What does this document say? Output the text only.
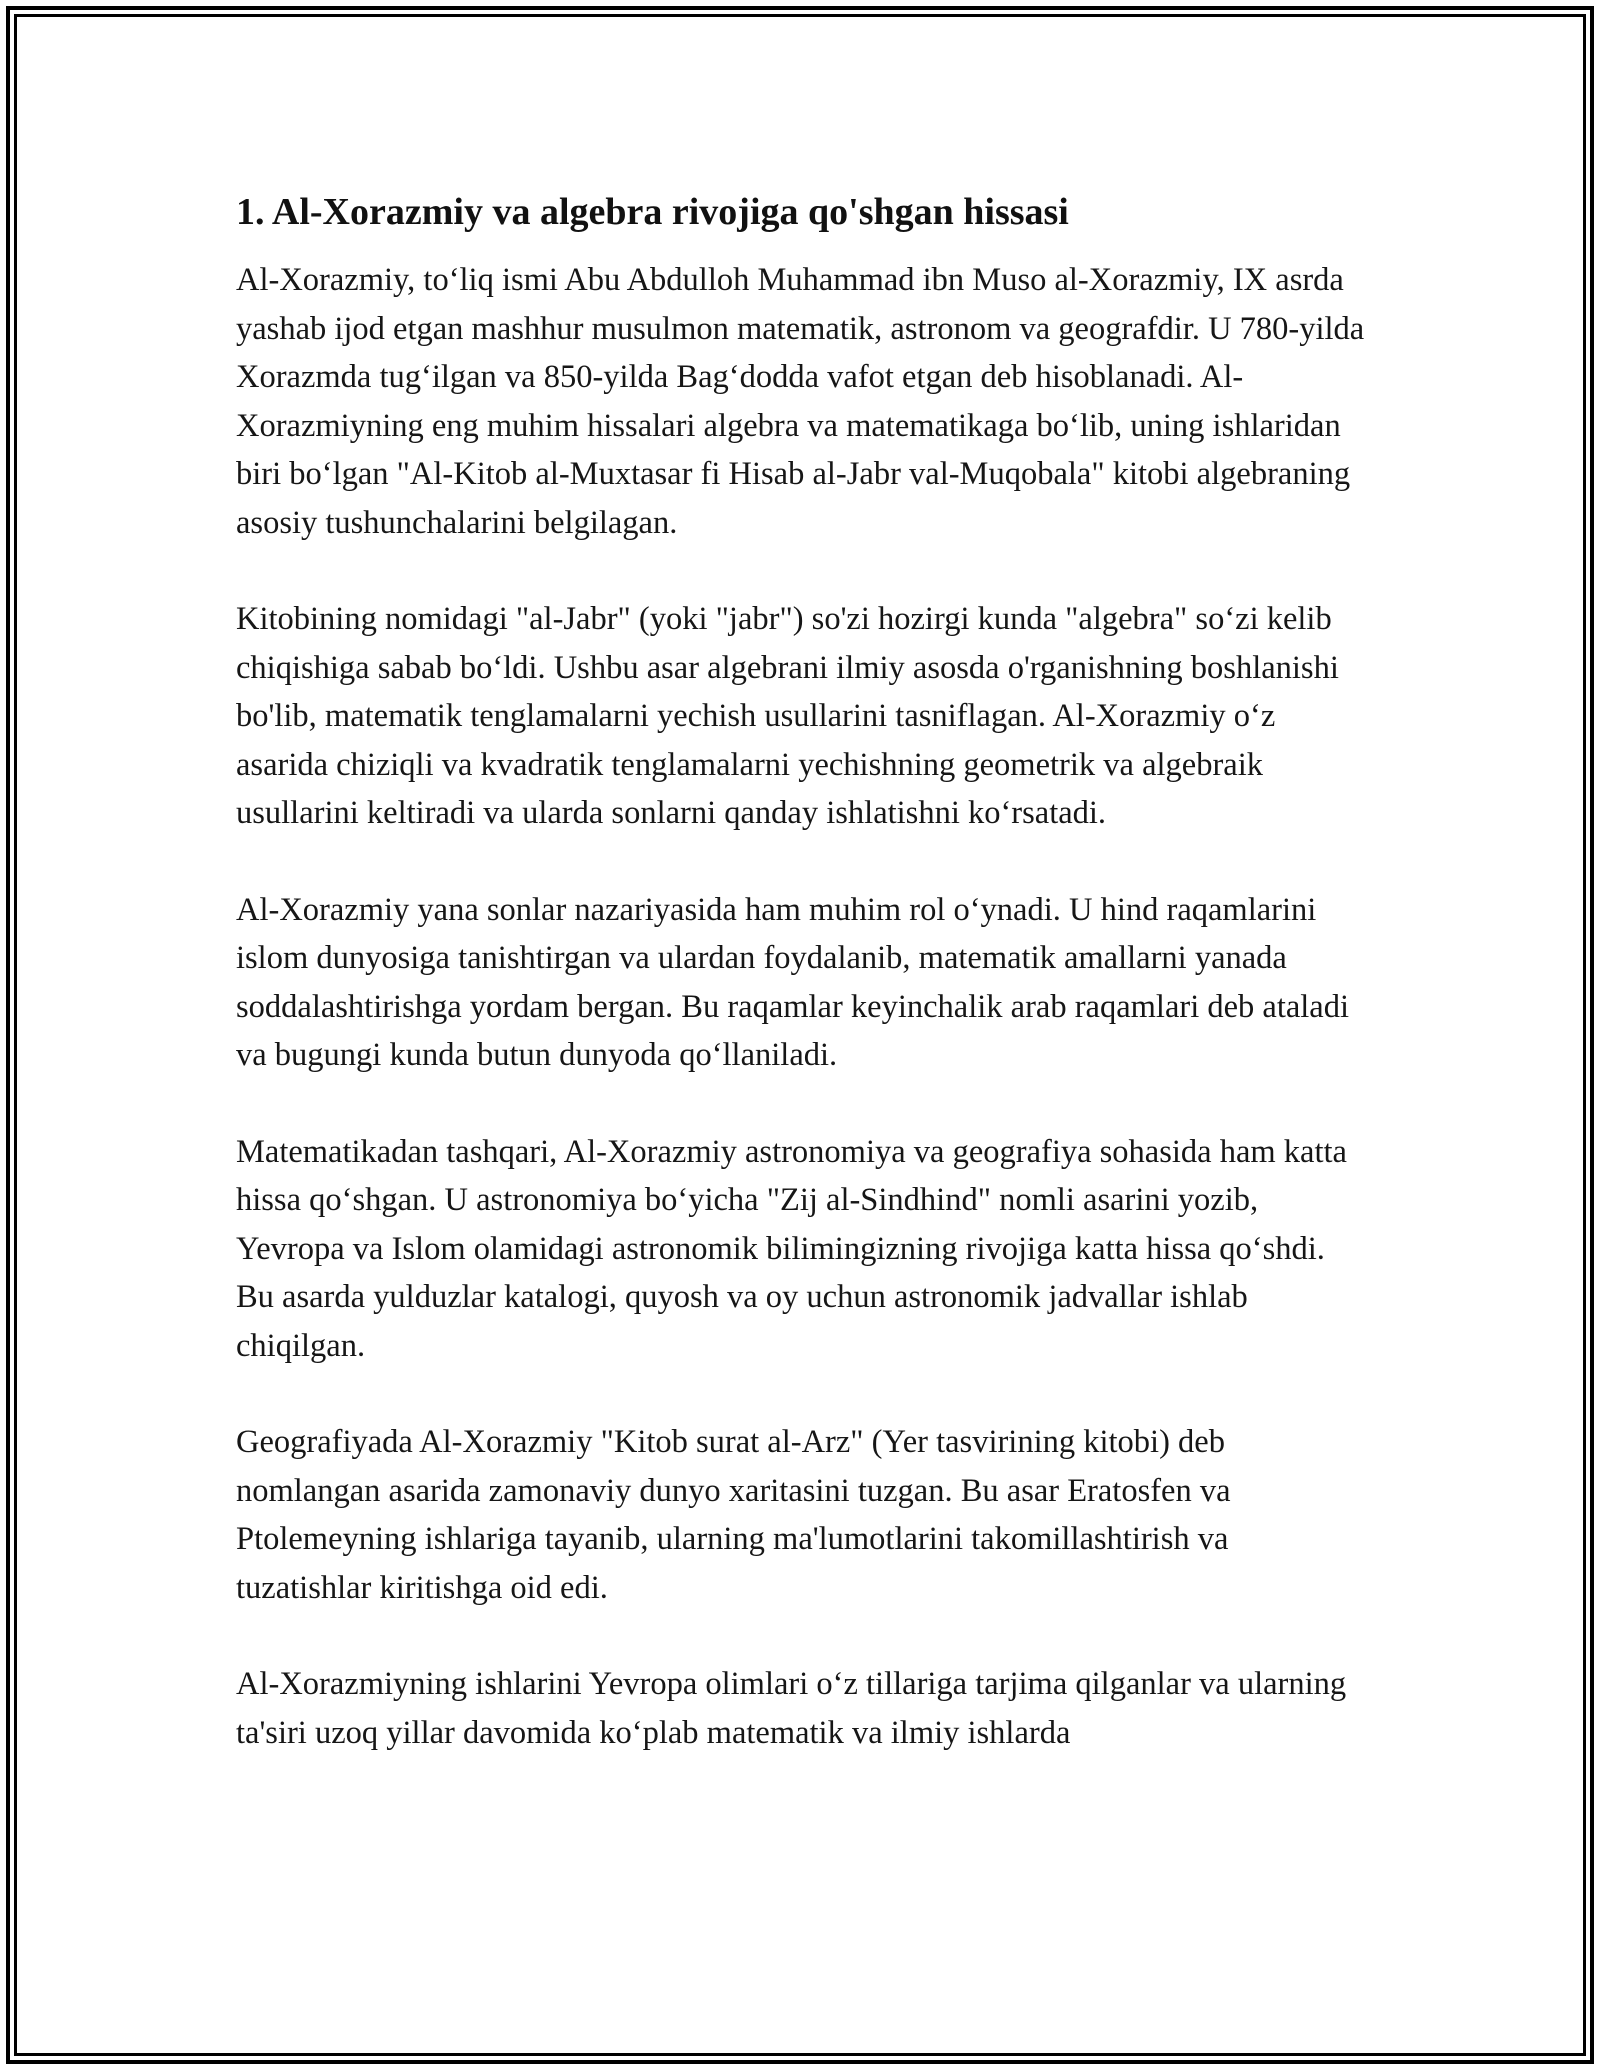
1. Al-Xorazmiy va algebra rivojiga qo'shgan hissasi

Al-Xorazmiy, to‘liq ismi Abu Abdulloh Muhammad ibn Muso al-Xorazmiy, IX asrda yashab ijod etgan mashhur musulmon matematik, astronom va geografdir. U 780-yilda Xorazmda tug‘ilgan va 850-yilda Bag‘dodda vafot etgan deb hisoblanadi. Al-Xorazmiyning eng muhim hissalari algebra va matematikaga bo‘lib, uning ishlaridan biri bo‘lgan "Al-Kitob al-Muxtasar fi Hisab al-Jabr val-Muqobala" kitobi algebraning asosiy tushunchalarini belgilagan.

Kitobining nomidagi "al-Jabr" (yoki "jabr") so'zi hozirgi kunda "algebra" so‘zi kelib chiqishiga sabab bo‘ldi. Ushbu asar algebrani ilmiy asosda o'rganishning boshlanishi bo'lib, matematik tenglamalarni yechish usullarini tasniflagan. Al-Xorazmiy o‘z asarida chiziqli va kvadratik tenglamalarni yechishning geometrik va algebraik usullarini keltiradi va ularda sonlarni qanday ishlatishni ko‘rsatadi.

Al-Xorazmiy yana sonlar nazariyasida ham muhim rol o‘ynadi. U hind raqamlarini islom dunyosiga tanishtirgan va ulardan foydalanib, matematik amallarni yanada soddalashtirishga yordam bergan. Bu raqamlar keyinchalik arab raqamlari deb ataladi va bugungi kunda butun dunyoda qo‘llaniladi.

Matematikadan tashqari, Al-Xorazmiy astronomiya va geografiya sohasida ham katta hissa qo‘shgan. U astronomiya bo‘yicha "Zij al-Sindhind" nomli asarini yozib, Yevropa va Islom olamidagi astronomik bilimingizning rivojiga katta hissa qo‘shdi. Bu asarda yulduzlar katalogi, quyosh va oy uchun astronomik jadvallar ishlab chiqilgan.

Geografiyada Al-Xorazmiy "Kitob surat al-Arz" (Yer tasvirining kitobi) deb nomlangan asarida zamonaviy dunyo xaritasini tuzgan. Bu asar Eratosfen va Ptolemeyning ishlariga tayanib, ularning ma'lumotlarini takomillashtirish va tuzatishlar kiritishga oid edi.

Al-Xorazmiyning ishlarini Yevropa olimlari o‘z tillariga tarjima qilganlar va ularning ta'siri uzoq yillar davomida ko‘plab matematik va ilmiy ishlarda
